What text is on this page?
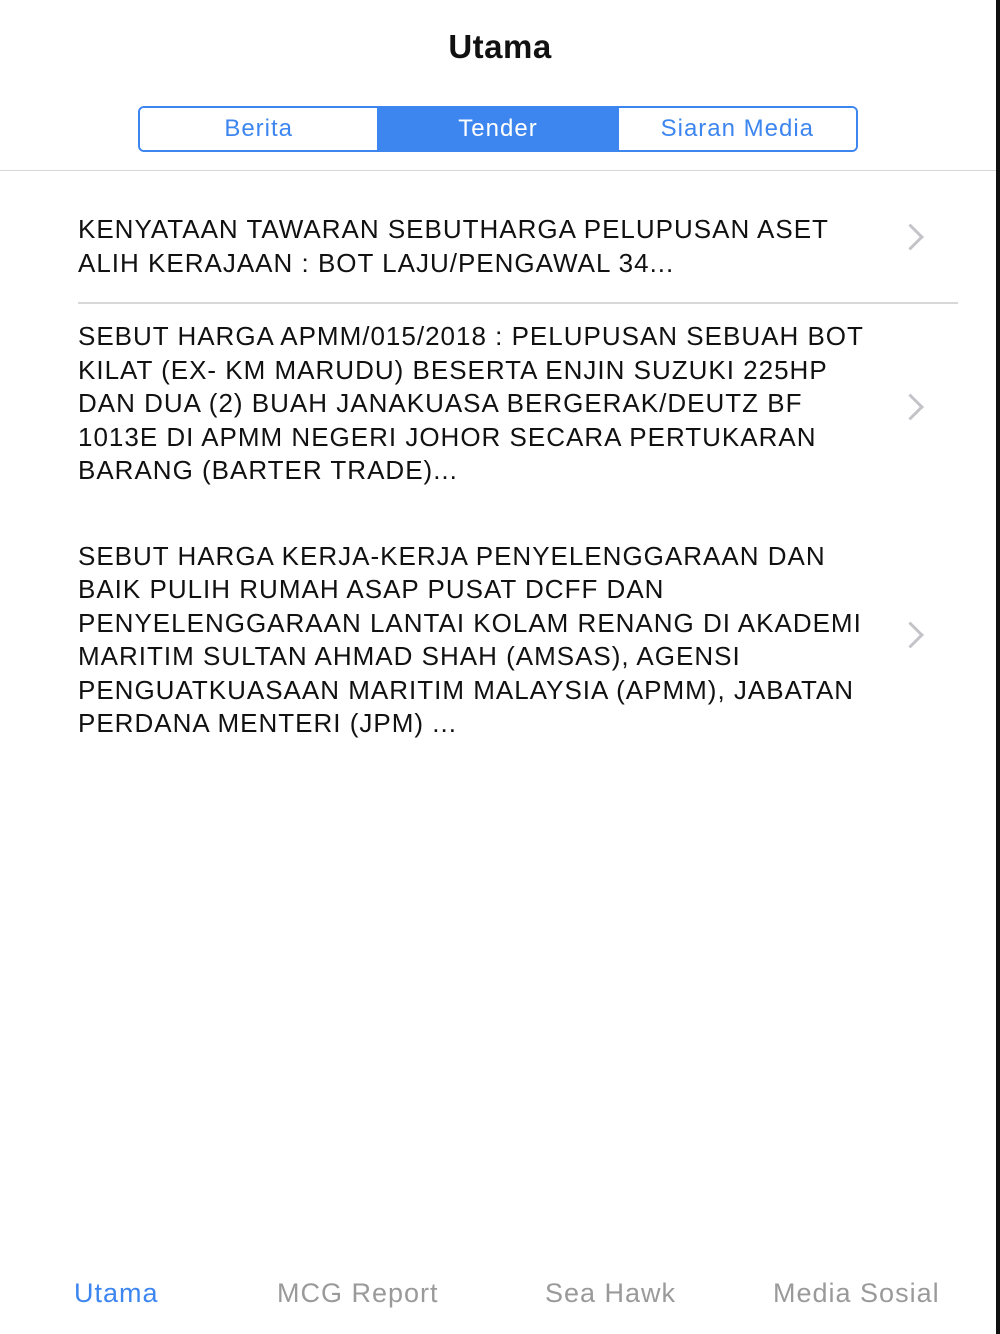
Utama
Berita	Tender	Siaran Media
KENYATAAN TAWARAN SEBUTHARGA PELUPUSAN ASET ALIH KERAJAAN : BOT LAJU/PENGAWAL 34...
SEBUT HARGA APMM/015/2018 : PELUPUSAN SEBUAH BOT KILAT (EX- KM MARUDU) BESERTA ENJIN SUZUKI 225HP DAN DUA (2) BUAH JANAKUASA BERGERAK/DEUTZ BF 1013E DI APMM NEGERI JOHOR SECARA PERTUKARAN BARANG (BARTER TRADE)...
SEBUT HARGA KERJA-KERJA PENYELENGGARAAN DAN BAIK PULIH RUMAH ASAP PUSAT DCFF DAN PENYELENGGARAAN LANTAI KOLAM RENANG DI AKADEMI MARITIM SULTAN AHMAD SHAH (AMSAS), AGENSI PENGUATKUASAAN MARITIM MALAYSIA (APMM), JABATAN PERDANA MENTERI (JPM) ...
Utama	MCG Report	Sea Hawk	Media Sosial
